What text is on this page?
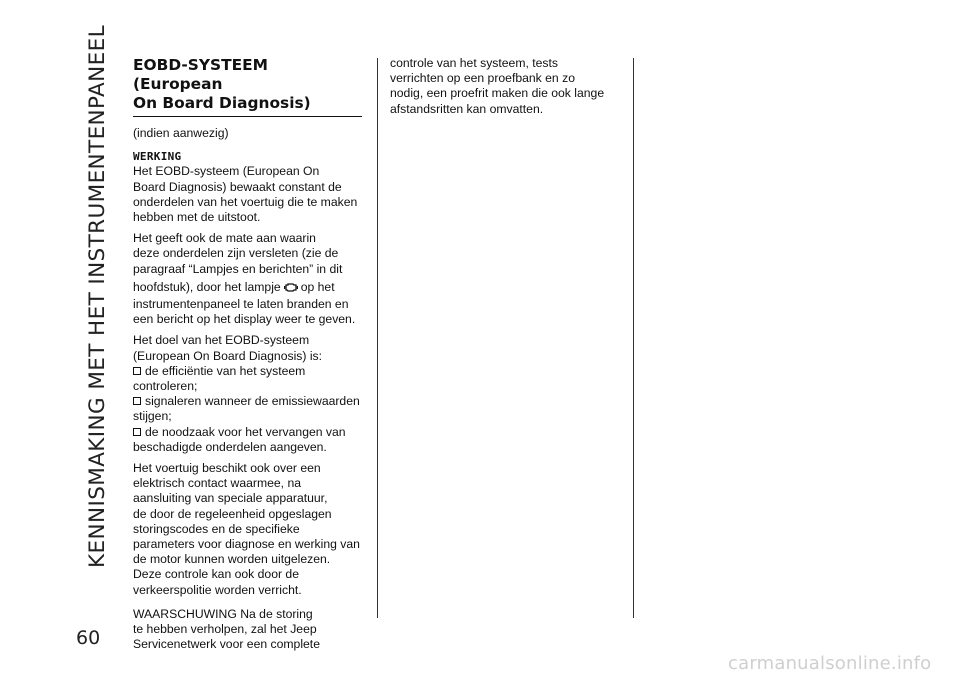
KENNISMAKING MET HET INSTRUMENTENPANEEL
60
EOBD-SYSTEEM (European
On Board Diagnosis)

(indien aanwezig)

WERKING

Het EOBD-systeem (European On
Board Diagnosis) bewaakt constant de
onderdelen van het voertuig die te maken
hebben met de uitstoot.

Het geeft ook de mate aan waarin
deze onderdelen zijn versleten (zie de
paragraaf “Lampjes en berichten” in dit
hoofdstuk), door het lampje op het
instrumentenpaneel te laten branden en
een bericht op het display weer te geven.

Het doel van het EOBD-systeem
(European On Board Diagnosis) is:

de efficiëntie van het systeem
controleren;

signaleren wanneer de emissiewaarden
stijgen;

de noodzaak voor het vervangen van
beschadigde onderdelen aangeven.

Het voertuig beschikt ook over een
elektrisch contact waarmee, na
aansluiting van speciale apparatuur,
de door de regeleenheid opgeslagen
storingscodes en de specifieke
parameters voor diagnose en werking van
de motor kunnen worden uitgelezen.
Deze controle kan ook door de
verkeerspolitie worden verricht.

WAARSCHUWING Na de storing
te hebben verholpen, zal het Jeep
Servicenetwerk voor een complete

controle van het systeem, tests
verrichten op een proefbank en zo
nodig, een proefrit maken die ook lange
afstandsritten kan omvatten.

carmanualsonline.info
